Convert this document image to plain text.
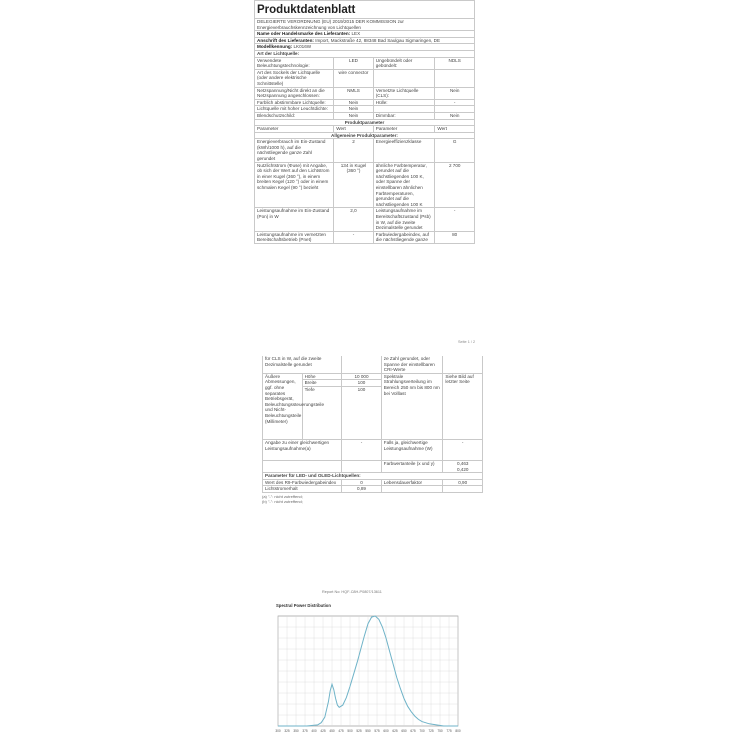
Produktdatenblatt
DELEGIERTE VERORDNUNG (EU) 2019/2015 DER KOMMISSION zur Energieverbrauchskennzeichnung von Lichtquellen			
Name oder Handelsmarke des Lieferanten: LEX			
Anschrift des Lieferanten: Import, Mackstraße 42, 88348 Bad Saulgau Sigmaringen, DE			
Modellkennung: LK016W			
Art der Lichtquelle:			
Verwendete Beleuchtungstechnologie:	LED	Ungebündelt oder gebündelt:	NDLS
Art des Sockels der Lichtquelle (oder andere elektrische Schnittstelle)	wire connector		
Netzspannung/Nicht direkt an die Netzspannung angeschlossen:	NMLS	Vernetzte Lichtquelle (CLS):	Nein
Farblich abstimmbare Lichtquelle:	Nein	Hülle:	-
Lichtquelle mit hoher Leuchtdichte:	Nein		
Blendschutzschild:	Nein	Dimmbar:	Nein
Produktparameter			
Parameter	Wert	Parameter	Wert
Allgemeine Produktparameter:			
Energieverbrauch im Ein-Zustand (kWh/1000 h), auf die nächstliegende ganze Zahl gerundet	2	Energieeffizienzklasse	G
Nutzlichtstrom (Φuse) mit Angabe, ob sich der Wert auf den Lichtstrom in einer Kugel (360 °), in einem breiten Kegel (120 °) oder in einem schmalen Kegel (90 °) bezieht	134 in Kugel (360 °)	ähnliche Farbtemperatur, gerundet auf die nächstliegenden 100 K, oder Spanne der einstellbaren ähnlichen Farbtemperaturen, gerundet auf die nächstliegenden 100 K	2 700
Leistungsaufnahme im Ein-Zustand (Pon) in W	2,0	Leistungsaufnahme im Bereitschaftszustand (Psb) in W, auf die zweite Dezimalstelle gerundet	-
Leistungsaufnahme im vernetzten Bereitschaftsbetrieb (Pnet)	-	Farbwiedergabeindex, auf die nächstliegende ganze	80
Seite 1 / 2
für CLS in W, auf die zweite Dezimalstelle gerundet			ze Zahl gerundet, oder Spanne der einstellbaren CRI-Werte	
Äußere Abmessungen, ggf. ohne separates Betriebsgerät, Beleuchtungssteuerungsteile und Nicht-Beleuchtungsteile (Millimeter)	Höhe	10 000	Spektrale Strahlungsverteilung im Bereich 250 nm bis 800 nm bei Volllast	Siehe Bild auf letzter Seite
	Breite	100		
	Tiefe	100		
Angabe zu einer gleichwertigen Leistungsaufnahme(a)		-	Falls ja, gleichwertige Leistungsaufnahme (W)	-
			Farbwertanteile (x und y)	0,463
0,420
Parameter für LED- und OLED-Lichtquellen:				
Wert des R9-Farbwiedergabeindex		0	Lebensdauerfaktor	0,90
Lichtstromerhalt		0,89		
(a) "-": nicht zutreffend;
(b) "-": nicht zutreffend;
Report No: HQF-C8H-P0807/13611
Spectral Power Distribution
300 325 350 375 400 425 450 475 500 525 550 575 600 625 650 675 700 725 750 775 800
